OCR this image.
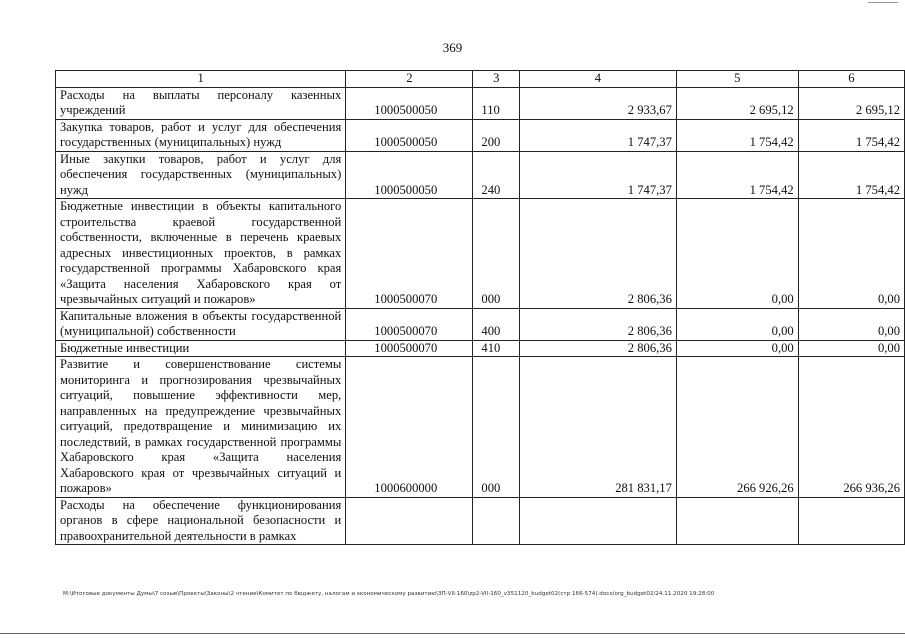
369
1	2	3	4	5	6
Расходы на выплаты персоналу казенных учреждений	1000500050	110	2 933,67	2 695,12	2 695,12
Закупка товаров, работ и услуг для обеспечения государственных (муниципальных) нужд	1000500050	200	1 747,37	1 754,42	1 754,42
Иные закупки товаров, работ и услуг для обеспечения государственных (муниципальных) нужд	1000500050	240	1 747,37	1 754,42	1 754,42
Бюджетные инвестиции в объекты капитального строительства краевой государственной собственности, включенные в перечень краевых адресных инвестиционных проектов, в рамках государственной программы Хабаровского края «Защита населения Хабаровского края от чрезвычайных ситуаций и пожаров»	1000500070	000	2 806,36	0,00	0,00
Капитальные вложения в объекты государственной (муниципальной) собственности	1000500070	400	2 806,36	0,00	0,00
Бюджетные инвестиции	1000500070	410	2 806,36	0,00	0,00
Развитие и совершенствование системы мониторинга и прогнозирования чрезвычайных ситуаций, повышение эффективности мер, направленных на предупреждение чрезвычайных ситуаций, предотвращение и минимизацию их последствий, в рамках государственной программы Хабаровского края «Защита населения Хабаровского края от чрезвычайных ситуаций и пожаров»	1000600000	000	281 831,17	266 926,26	266 936,26
Расходы на обеспечение функционирования органов в сфере национальной безопасности и правоохранительной деятельности в рамках					
M:\Итоговые документы Думы\7 созыв\Проекты\Законы\2 чтение\Комитет по бюджету, налогам и экономическому развитию\ЗП-VII-160\zp2-VII-160_v351120_budget02(стр 166-574).docx/org_budget02/24.11.2020 19:28:00
